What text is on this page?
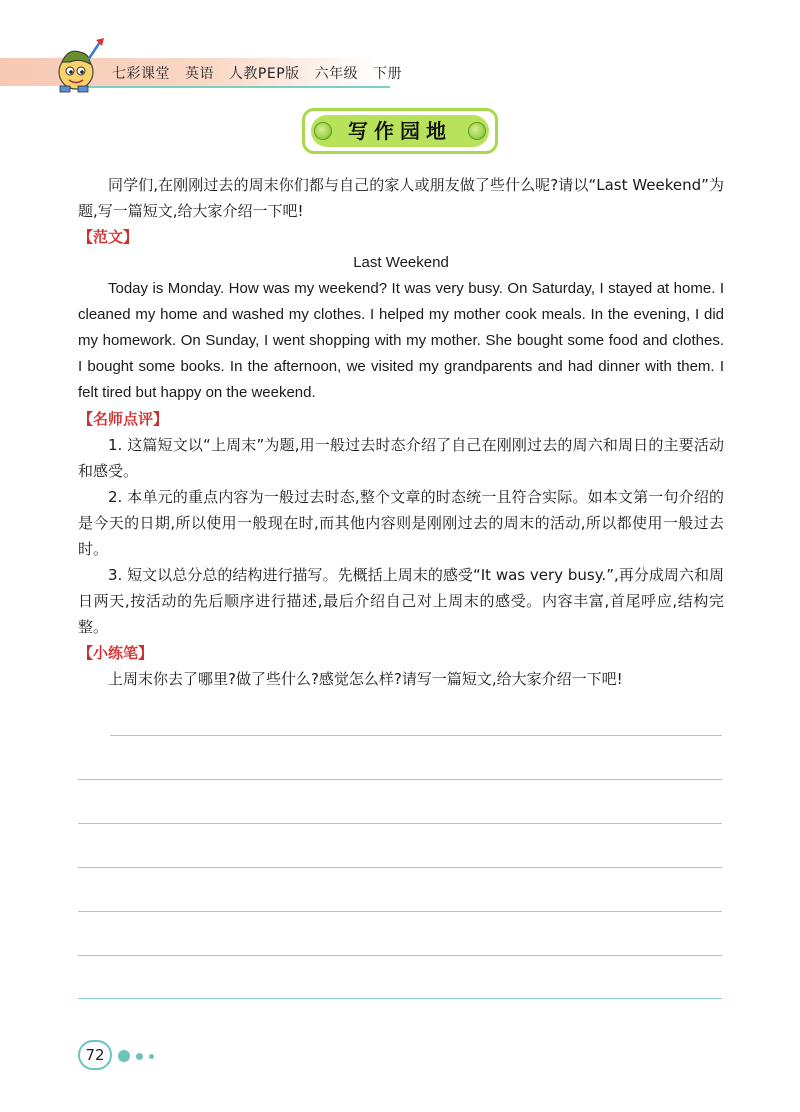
七彩课堂 英语 人教PEP版 六年级 下册
写作园地

同学们,在刚刚过去的周末你们都与自己的家人或朋友做了些什么呢?请以“Last Weekend”为题,写一篇短文,给大家介绍一下吧!

【范文】

Last Weekend

Today is Monday. How was my weekend? It was very busy. On Saturday, I stayed at home. I cleaned my home and washed my clothes. I helped my mother cook meals. In the evening, I did my homework. On Sunday, I went shopping with my mother. She bought some food and clothes. I bought some books. In the afternoon, we visited my grandparents and had dinner with them. I felt tired but happy on the weekend.

【名师点评】

1. 这篇短文以“上周末”为题,用一般过去时态介绍了自己在刚刚过去的周六和周日的主要活动和感受。

2. 本单元的重点内容为一般过去时态,整个文章的时态统一且符合实际。如本文第一句介绍的是今天的日期,所以使用一般现在时,而其他内容则是刚刚过去的周末的活动,所以都使用一般过去时。

3. 短文以总分总的结构进行描写。先概括上周末的感受“It was very busy.”,再分成周六和周日两天,按活动的先后顺序进行描述,最后介绍自己对上周末的感受。内容丰富,首尾呼应,结构完整。

【小练笔】

上周末你去了哪里?做了些什么?感觉怎么样?请写一篇短文,给大家介绍一下吧!

72
